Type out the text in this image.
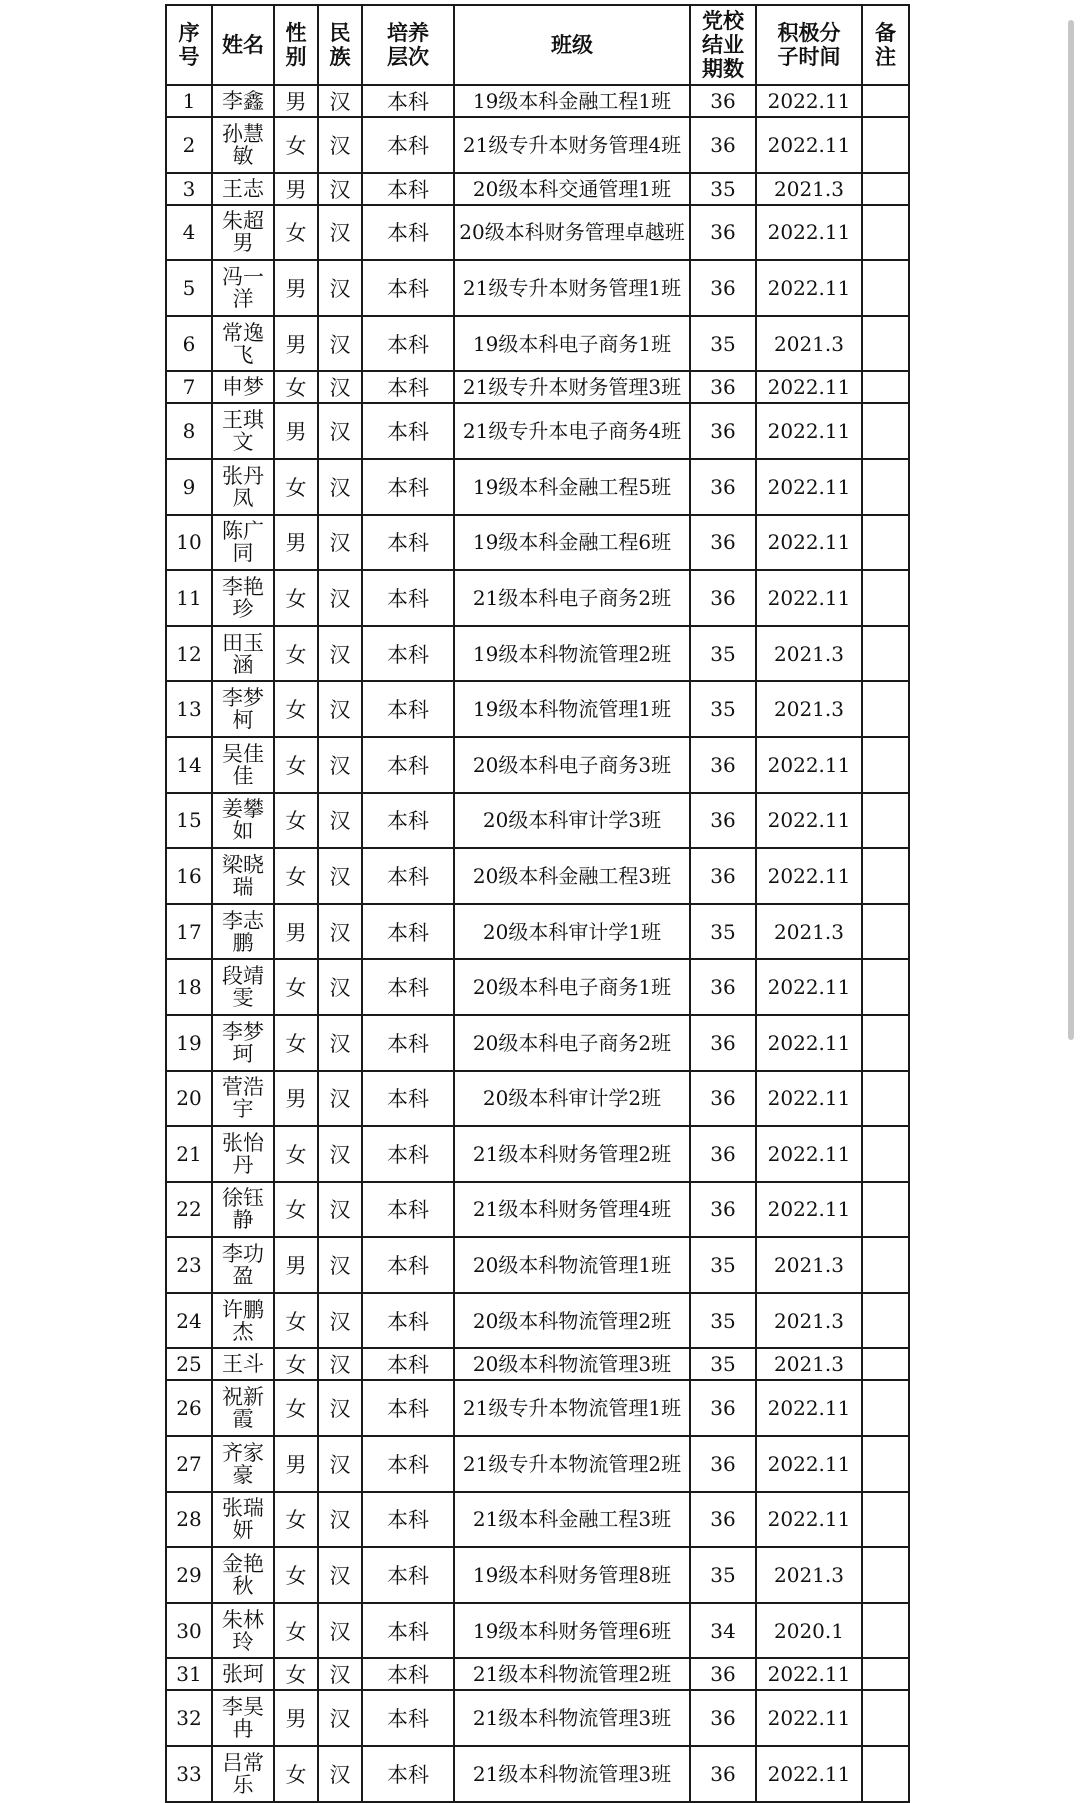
序号	姓名	性别	民族	培养层次	班级	党校结业期数	积极分子时间	备注
1	李鑫	男	汉	本科	19级本科金融工程1班	36	2022.11	
2	孙慧敏	女	汉	本科	21级专升本财务管理4班	36	2022.11	
3	王志	男	汉	本科	20级本科交通管理1班	35	2021.3	
4	朱超男	女	汉	本科	20级本科财务管理卓越班	36	2022.11	
5	冯一洋	男	汉	本科	21级专升本财务管理1班	36	2022.11	
6	常逸飞	男	汉	本科	19级本科电子商务1班	35	2021.3	
7	申梦	女	汉	本科	21级专升本财务管理3班	36	2022.11	
8	王琪文	男	汉	本科	21级专升本电子商务4班	36	2022.11	
9	张丹凤	女	汉	本科	19级本科金融工程5班	36	2022.11	
10	陈广同	男	汉	本科	19级本科金融工程6班	36	2022.11	
11	李艳珍	女	汉	本科	21级本科电子商务2班	36	2022.11	
12	田玉涵	女	汉	本科	19级本科物流管理2班	35	2021.3	
13	李梦柯	女	汉	本科	19级本科物流管理1班	35	2021.3	
14	吴佳佳	女	汉	本科	20级本科电子商务3班	36	2022.11	
15	姜攀如	女	汉	本科	20级本科审计学3班	36	2022.11	
16	梁晓瑞	女	汉	本科	20级本科金融工程3班	36	2022.11	
17	李志鹏	男	汉	本科	20级本科审计学1班	35	2021.3	
18	段靖雯	女	汉	本科	20级本科电子商务1班	36	2022.11	
19	李梦珂	女	汉	本科	20级本科电子商务2班	36	2022.11	
20	菅浩宇	男	汉	本科	20级本科审计学2班	36	2022.11	
21	张怡丹	女	汉	本科	21级本科财务管理2班	36	2022.11	
22	徐钰静	女	汉	本科	21级本科财务管理4班	36	2022.11	
23	李功盈	男	汉	本科	20级本科物流管理1班	35	2021.3	
24	许鹏杰	女	汉	本科	20级本科物流管理2班	35	2021.3	
25	王斗	女	汉	本科	20级本科物流管理3班	35	2021.3	
26	祝新霞	女	汉	本科	21级专升本物流管理1班	36	2022.11	
27	齐家豪	男	汉	本科	21级专升本物流管理2班	36	2022.11	
28	张瑞妍	女	汉	本科	21级本科金融工程3班	36	2022.11	
29	金艳秋	女	汉	本科	19级本科财务管理8班	35	2021.3	
30	朱林玲	女	汉	本科	19级本科财务管理6班	34	2020.1	
31	张珂	女	汉	本科	21级本科物流管理2班	36	2022.11	
32	李昊冉	男	汉	本科	21级本科物流管理3班	36	2022.11	
33	吕常乐	女	汉	本科	21级本科物流管理3班	36	2022.11	
